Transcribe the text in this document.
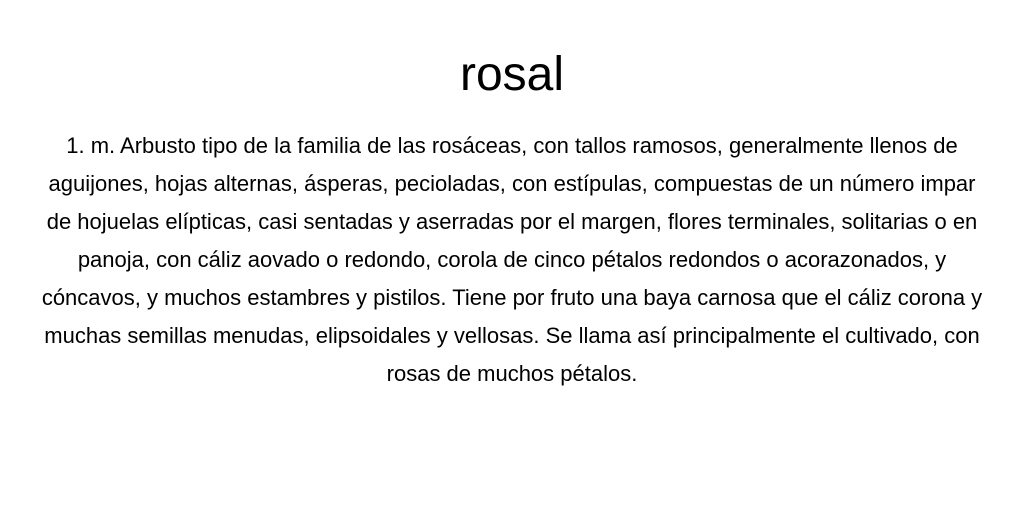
rosal

1. m. Arbusto tipo de la familia de las rosáceas, con tallos ramosos, generalmente llenos de aguijones, hojas alternas, ásperas, pecioladas, con estípulas, compuestas de un número impar de hojuelas elípticas, casi sentadas y aserradas por el margen, flores terminales, solitarias o en panoja, con cáliz aovado o redondo, corola de cinco pétalos redondos o acorazonados, y cóncavos, y muchos estambres y pistilos. Tiene por fruto una baya carnosa que el cáliz corona y muchas semillas menudas, elipsoidales y vellosas. Se llama así principalmente el cultivado, con rosas de muchos pétalos.
